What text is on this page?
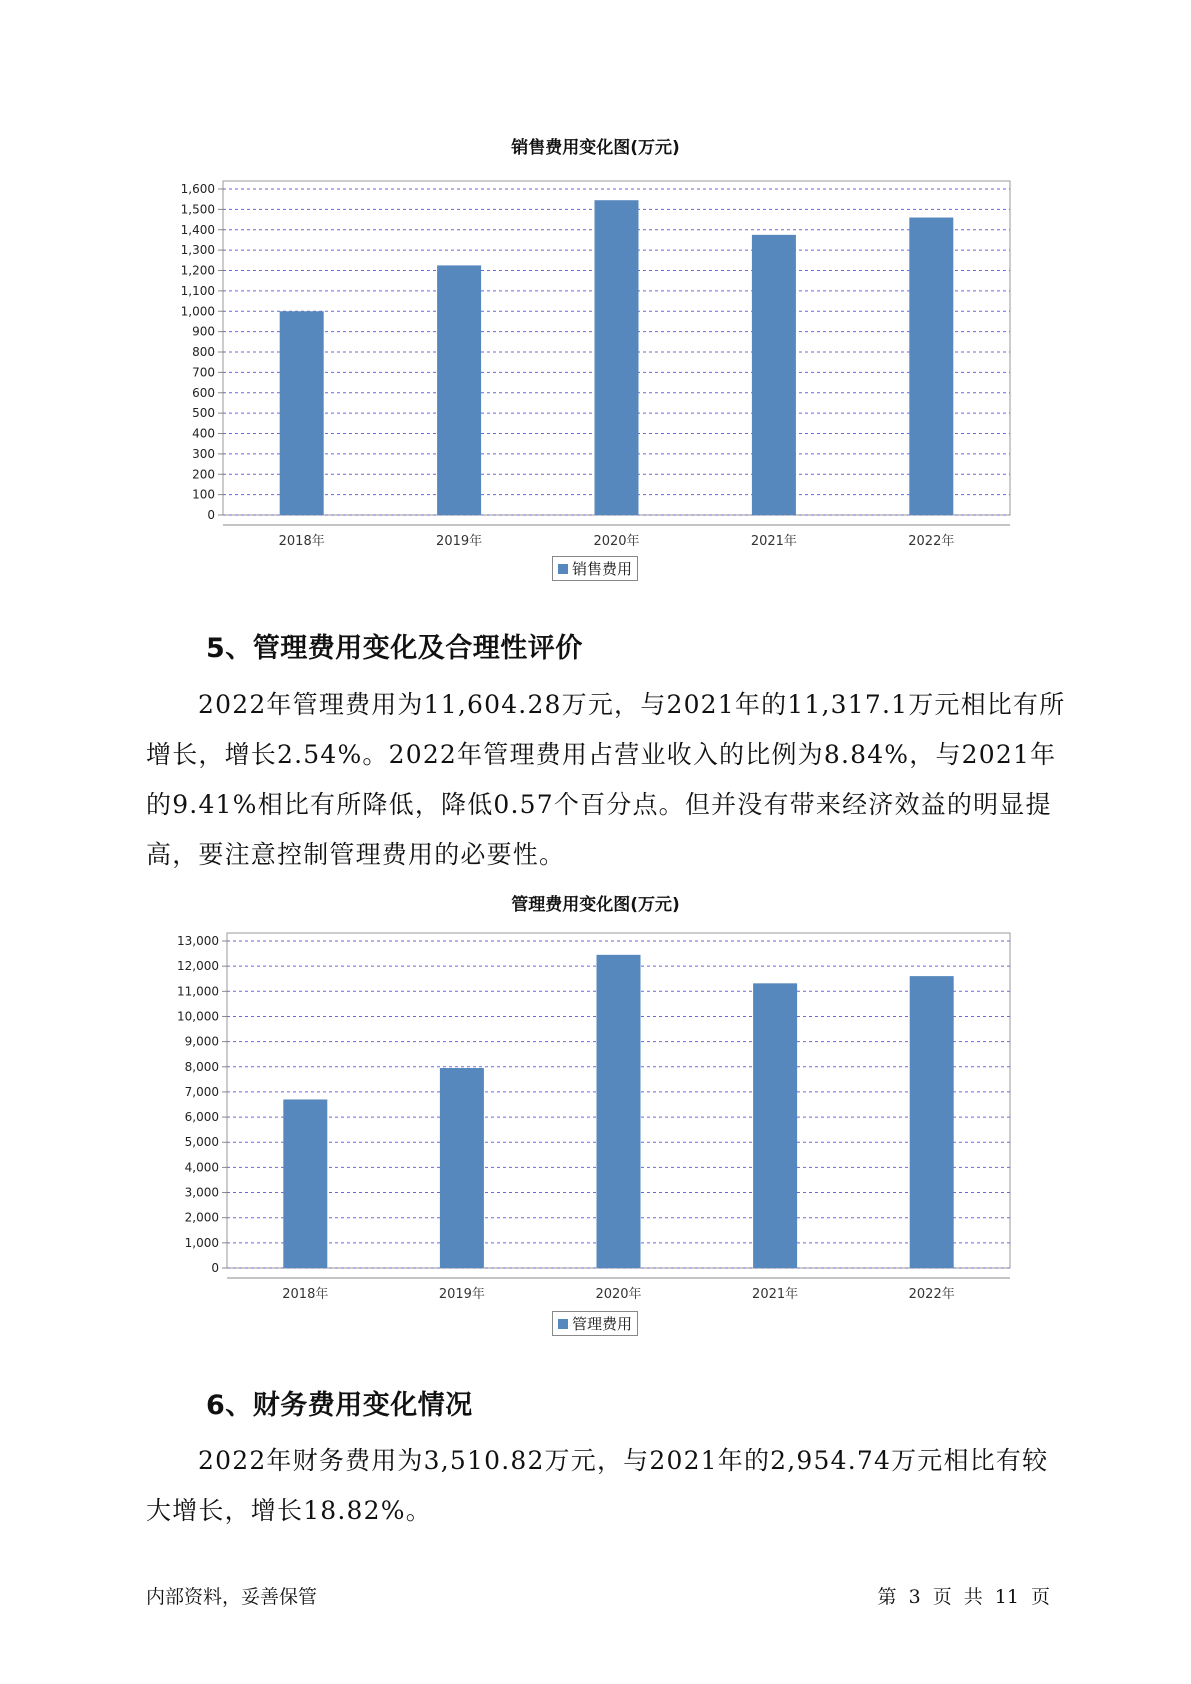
销售费用变化图(万元)
0
100
200
300
400
500
600
700
800
900
1,000
1,100
1,200
1,300
1,400
1,500
1,600
2018年	2019年	2020年	2021年	2022年
销售费用
5、管理费用变化及合理性评价

2022年管理费用为11,604.28万元，与2021年的11,317.1万元相比有所增长，增长2.54%。2022年管理费用占营业收入的比例为8.84%，与2021年的9.41%相比有所降低，降低0.57个百分点。但并没有带来经济效益的明显提高，要注意控制管理费用的必要性。

管理费用变化图(万元)
0
1,000
2,000
3,000
4,000
5,000
6,000
7,000
8,000
9,000
10,000
11,000
12,000
13,000
2018年	2019年	2020年	2021年	2022年
管理费用
6、财务费用变化情况

2022年财务费用为3,510.82万元，与2021年的2,954.74万元相比有较大增长，增长18.82%。

内部资料，妥善保管	第 3 页 共 11 页
